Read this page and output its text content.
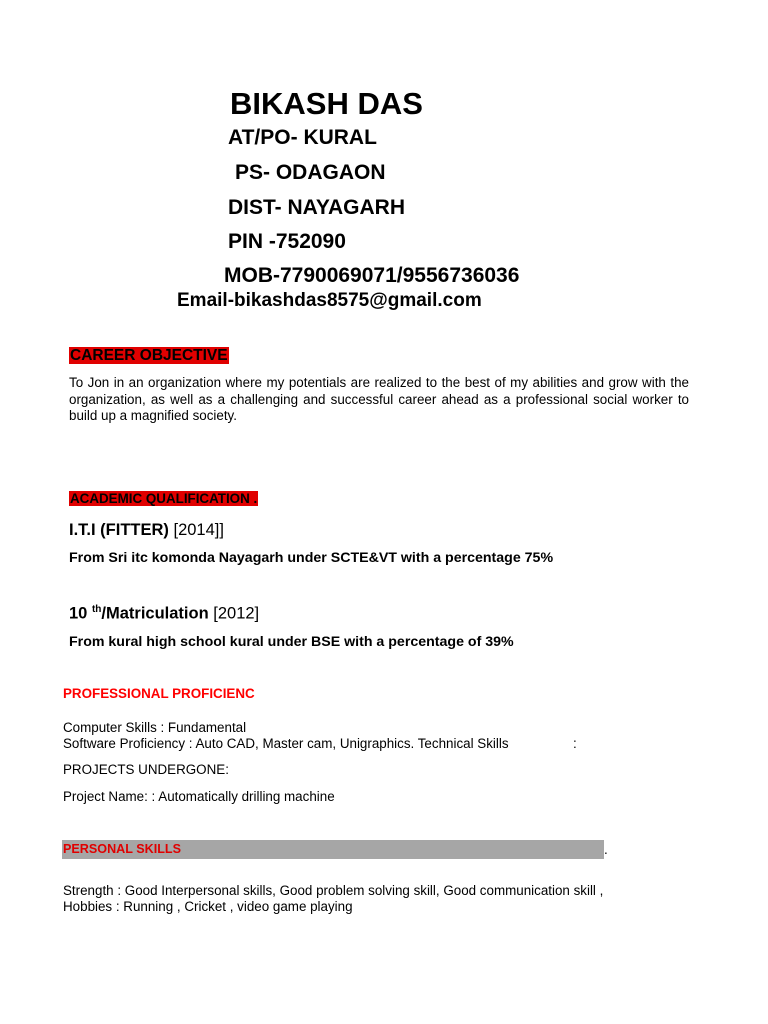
BIKASH DAS
AT/PO- KURAL
PS- ODAGAON
DIST- NAYAGARH
PIN -752090
MOB-7790069071/9556736036
Email-bikashdas8575@gmail.com
CAREER OBJECTIVE
To Jon in an organization where my potentials are realized to the best of my abilities and grow with the organization, as well as a challenging and successful career ahead as a professional social worker to build up a magnified society.
ACADEMIC QUALIFICATION .
I.T.I (FITTER) [2014]]
From Sri itc komonda Nayagarh under SCTE&VT with a percentage 75%
10 $^{th}$/Matriculation [2012]
From kural high school kural under BSE with a percentage of 39%
PROFESSIONAL PROFICIENC
Computer Skills : Fundamental
Software Proficiency : Auto CAD, Master cam, Unigraphics. Technical Skills	:
PROJECTS UNDERGONE:
Project Name: : Automatically drilling machine
PERSONAL SKILLS	.
Strength : Good Interpersonal skills, Good problem solving skill, Good communication skill ,
Hobbies : Running , Cricket , video game playing
